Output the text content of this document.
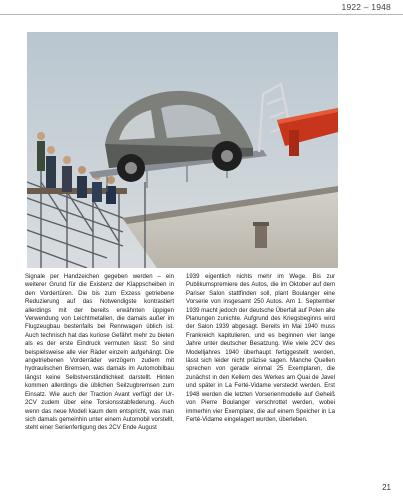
1922 – 1948

Signale per Handzeichen gegeben werden – ein weiterer Grund für die Existenz der Klappscheiben in den Vordertüren. Die bis zum Exzess getriebene Reduzierung auf das Notwendigste kontrastiert allerdings mit der bereits erwähnten üppigen Verwendung von Leichtmetallen, die damals außer im Flugzeugbau bestenfalls bei Rennwagen üblich ist. Auch technisch hat das kuriose Gefährt mehr zu bieten als es der erste Eindruck vermuten lässt: So sind beispielsweise alle vier Räder einzeln aufgehängt. Die angetriebenen Vorderräder verzögern zudem mit hydraulischen Bremsen, was damals im Automobilbau längst keine Selbstverständlichkeit darstellt. Hinten kommen allerdings die üblichen Seilzugbremsen zum Einsatz. Wie auch der Traction Avant verfügt der Ur-2CV zudem über eine Torsionsstabfederung. Auch wenn das neue Modell kaum dem entspricht, was man sich damals gemeinhin unter einem Automobil vorstellt, steht einer Serienfertigung des 2CV Ende August

1939 eigentlich nichts mehr im Wege. Bis zur Publikumspremiere des Autos, die im Oktober auf dem Pariser Salon stattfinden soll, plant Boulanger eine Vorserie von insgesamt 250 Autos. Am 1. September 1939 macht jedoch der deutsche Überfall auf Polen alle Planungen zunichte. Aufgrund des Kriegsbeginns wird der Salon 1939 abgesagt. Bereits im Mai 1940 muss Frankreich kapitulieren, und es beginnen vier lange Jahre unter deutscher Besatzung. Wie viele 2CV des Modelljahres 1940 überhaupt fertiggestellt werden, lässt sich leider nicht präzise sagen. Manche Quellen sprechen von gerade einmal 25 Exemplaren, die zunächst in den Kellern des Werkes am Quai de Javel und später in La Ferté-Vidame versteckt werden. Erst 1948 werden die letzten Vorserienmodelle auf Geheiß von Pierre Boulanger verschrottet werden, wobei immerhin vier Exemplare, die auf einem Speicher in La Ferté-Vidame eingelagert wurden, überleben.

21
